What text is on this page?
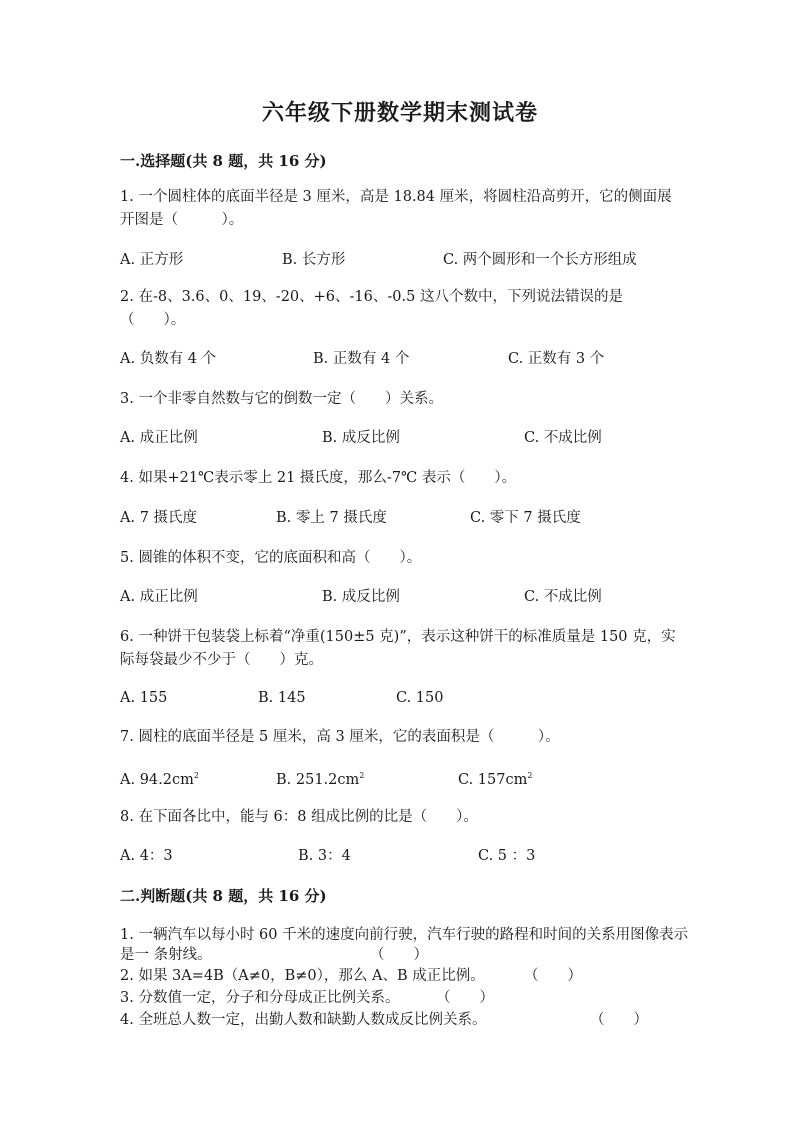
六年级下册数学期末测试卷
一.选择题(共 8 题，共 16 分)
1. 一个圆柱体的底面半径是 3 厘米，高是 18.84 厘米，将圆柱沿高剪开，它的侧面展开图是（　　　）。
A. 正方形	B. 长方形	C. 两个圆形和一个长方形组成
2. 在-8、3.6、0、19、-20、+6、-16、-0.5 这八个数中，下列说法错误的是（　　）。
A. 负数有 4 个	B. 正数有 4 个	C. 正数有 3 个
3. 一个非零自然数与它的倒数一定（　　）关系。
A. 成正比例	B. 成反比例	C. 不成比例
4. 如果+21℃表示零上 21 摄氏度，那么-7℃ 表示（　　）。
A. 7 摄氏度	B. 零上 7 摄氏度	C. 零下 7 摄氏度
5. 圆锥的体积不变，它的底面积和高（　　）。
A. 成正比例	B. 成反比例	C. 不成比例
6. 一种饼干包装袋上标着“净重(150±5 克)”，表示这种饼干的标准质量是 150 克，实际每袋最少不少于（　　）克。
A. 155	B. 145	C. 150
7. 圆柱的底面半径是 5 厘米，高 3 厘米，它的表面积是（　　　）。
A. $94.2cm^2$	B. $251.2cm^2$	C. $157cm^2$
8. 在下面各比中，能与 6：8 组成比例的比是（　　）。
A. 4：3	B. 3：4	C. 5 ：3
二.判断题(共 8 题，共 16 分)
1. 一辆汽车以每小时 60 千米的速度向前行驶，汽车行驶的路程和时间的关系用图像表示是一 条射线。	（　　）
2. 如果 3A=4B（A≠0，B≠0），那么 A、B 成正比例。	（　　）
3. 分数值一定，分子和分母成正比例关系。	（　　）
4. 全班总人数一定，出勤人数和缺勤人数成反比例关系。	（　　）
